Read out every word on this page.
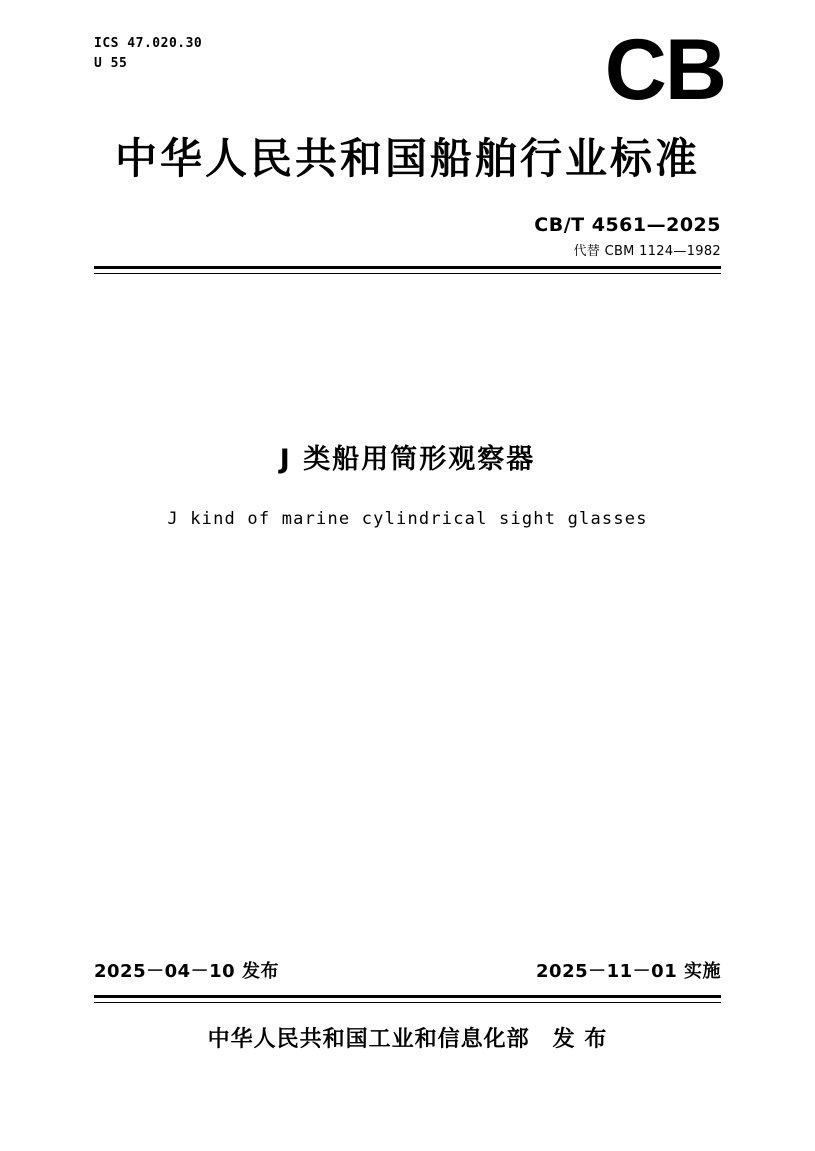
ICS 47.020.30
U 55	CB
中华人民共和国船舶行业标准
CB/T 4561—2025
代替 CBM 1124—1982
J 类船用筒形观察器
J kind of marine cylindrical sight glasses
2025－04－10 发布	2025－11－01 实施
中华人民共和国工业和信息化部　发 布
